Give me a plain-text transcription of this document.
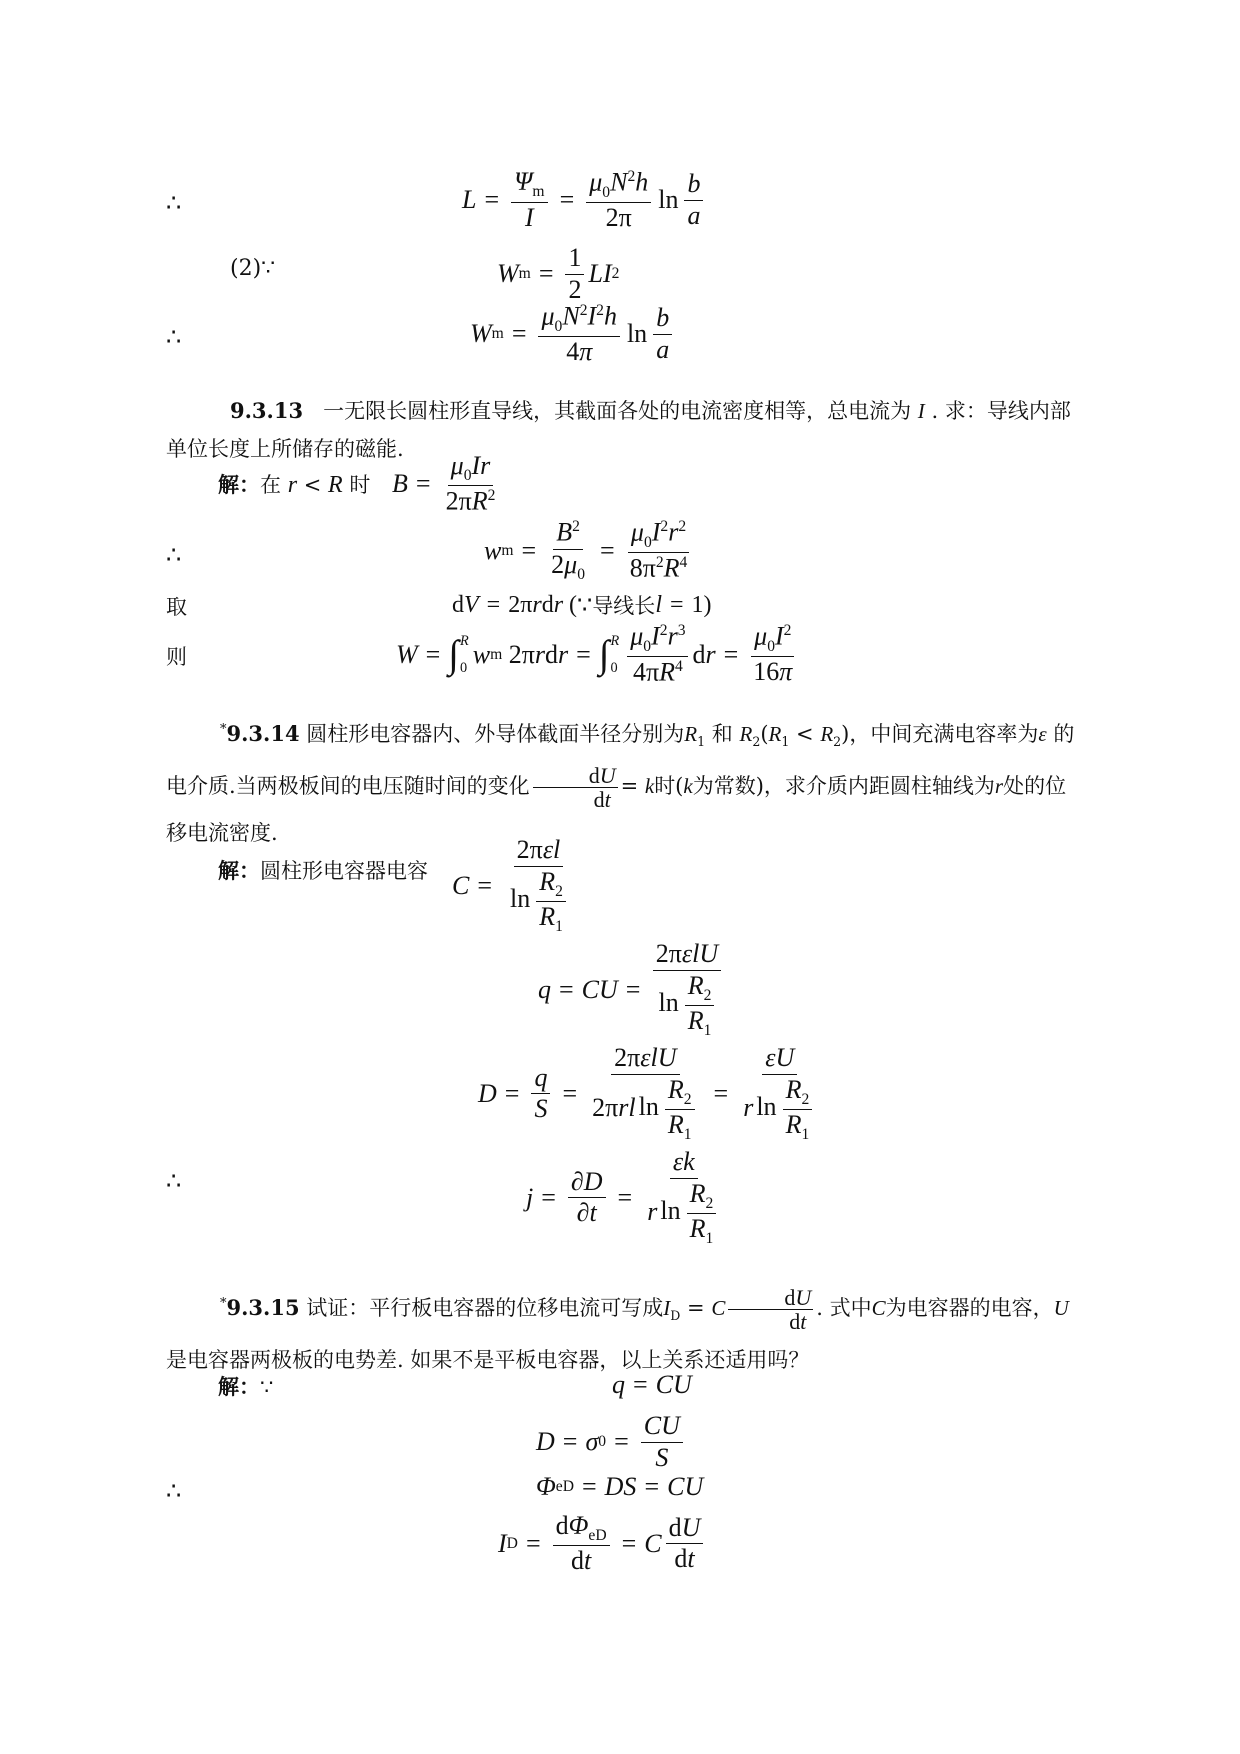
∴	$L = \frac{\Psi_m}{I} = \frac{\mu_0N^2h}{2\pi}$ $\ln \frac{b}{a}$
(2)∵	W $m = \frac{1}{2}$ LI 2
∴	W $m = \frac{\mu_0N^2I^2h}{4\pi}$ $\ln \frac{b}{a}$
9.3.13 一无限长圆柱形直导线，其截面各处的电流密度相等，总电流为 I . 求：导线内部单位长度上所储存的磁能.
解：在 r < R 时 $B = \frac{\mu_0Ir}{2\pi R^2}$
∴	w $m = \frac{B^2}{2\mu_0} = \frac{\mu_0I^2r^2}{8\pi^2R^4}$
取	d V = 2π r d r ( ∵ 导线长 l = 1)
则	W = ∫ R
0 w m 2π r d r = ∫ R
$0 \frac{\mu_0I^2r^3}{4\pi R^4}$ d $r = \frac{\mu_0I^2}{16\pi}$
*9.3.14 圆柱形电容器内、外导体截面半径分别为$R_1$ 和 $R_2(R_1 < R_2)$，中间充满电容率为ε 的电介质.当两极板间的电压随时间的变化 $\frac{dU}{dt} = k$时(k为常数)，求介质内距圆柱轴线为r处的位移电流密度.
解：圆柱形电容器电容 $C = \frac{\text{2πεl}}{\ln \frac{R_2}{R_1}}$
q = CU = $\frac{\text{2πεlU}}{\ln \frac{R_2}{R_1}}$
$D = \frac{q}{S} = \frac{\text{2πεlU}}{2\pi rl \ln \frac{R_2}{R_1}} = \frac{\varepsilon U}{r \ln \frac{R_2}{R_1}}$
∴
$j = \frac{\partial D}{\partial t} = \frac{\varepsilon k}{r \ln \frac{R_2}{R_1}}$
*9.3.15 试证：平行板电容器的位移电流可写成$I_D = C \frac{dU}{dt}$ . 式中C为电容器的电容，U 是电容器两极板的电势差. 如果不是平板电容器，以上关系还适用吗？
解：∵	q = CU
D = σ $0 = \frac{CU}{S}$
∴	Φ eD = DS = CU
I $D = \frac{d\Phi_{eD}}{dt} = C \frac{dU}{dt}$
